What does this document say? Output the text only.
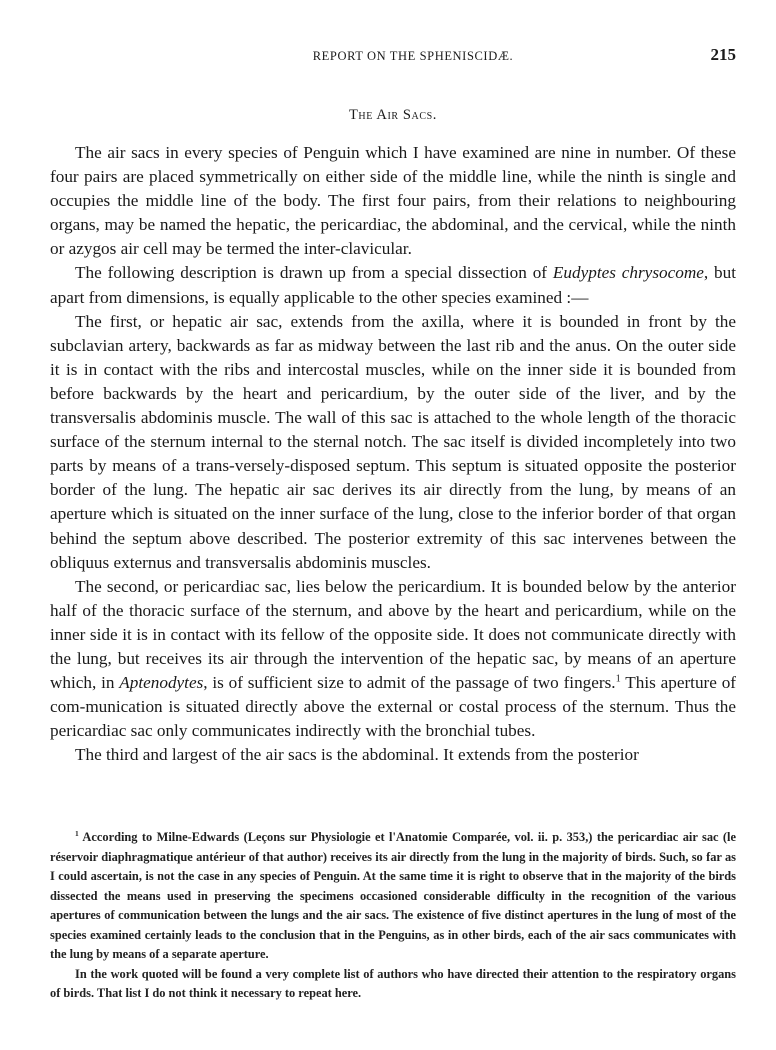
REPORT ON THE SPHENISCIDÆ.	215
The Air Sacs.

The air sacs in every species of Penguin which I have examined are nine in number. Of these four pairs are placed symmetrically on either side of the middle line, while the ninth is single and occupies the middle line of the body. The first four pairs, from their relations to neighbouring organs, may be named the hepatic, the pericardiac, the abdominal, and the cervical, while the ninth or azygos air cell may be termed the inter-clavicular.

The following description is drawn up from a special dissection of Eudyptes chrysocome, but apart from dimensions, is equally applicable to the other species examined :—

The first, or hepatic air sac, extends from the axilla, where it is bounded in front by the subclavian artery, backwards as far as midway between the last rib and the anus. On the outer side it is in contact with the ribs and intercostal muscles, while on the inner side it is bounded from before backwards by the heart and pericardium, by the outer side of the liver, and by the transversalis abdominis muscle. The wall of this sac is attached to the whole length of the thoracic surface of the sternum internal to the sternal notch. The sac itself is divided incompletely into two parts by means of a trans-versely-disposed septum. This septum is situated opposite the posterior border of the lung. The hepatic air sac derives its air directly from the lung, by means of an aperture which is situated on the inner surface of the lung, close to the inferior border of that organ behind the septum above described. The posterior extremity of this sac intervenes between the obliquus externus and transversalis abdominis muscles.

The second, or pericardiac sac, lies below the pericardium. It is bounded below by the anterior half of the thoracic surface of the sternum, and above by the heart and pericardium, while on the inner side it is in contact with its fellow of the opposite side. It does not communicate directly with the lung, but receives its air through the intervention of the hepatic sac, by means of an aperture which, in Aptenodytes, is of sufficient size to admit of the passage of two fingers.$^1$ This aperture of com-munication is situated directly above the external or costal process of the sternum. Thus the pericardiac sac only communicates indirectly with the bronchial tubes.

The third and largest of the air sacs is the abdominal. It extends from the posterior

$^1$ According to Milne-Edwards (Leçons sur Physiologie et l'Anatomie Comparée, vol. ii. p. 353,) the pericardiac air sac (le réservoir diaphragmatique antérieur of that author) receives its air directly from the lung in the majority of birds. Such, so far as I could ascertain, is not the case in any species of Penguin. At the same time it is right to observe that in the majority of the birds dissected the means used in preserving the specimens occasioned considerable difficulty in the recognition of the various apertures of communication between the lungs and the air sacs. The existence of five distinct apertures in the lung of most of the species examined certainly leads to the conclusion that in the Penguins, as in other birds, each of the air sacs communicates with the lung by means of a separate aperture.

In the work quoted will be found a very complete list of authors who have directed their attention to the respiratory organs of birds. That list I do not think it necessary to repeat here.
